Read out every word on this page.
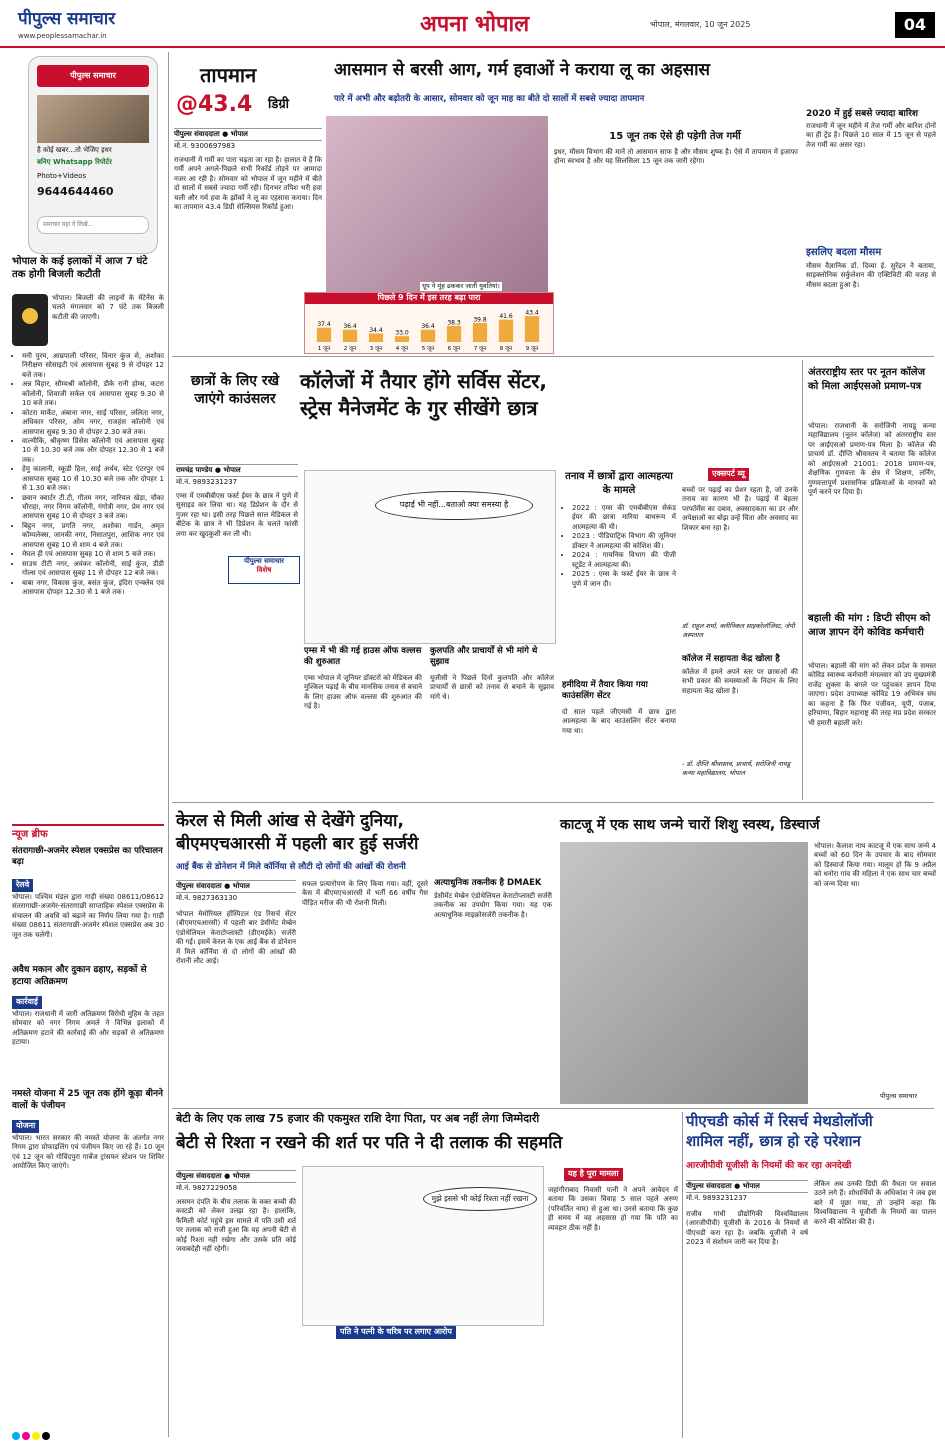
पीपुल्स समाचार
www.peoplessamachar.in	अपना भोपाल	भोपाल, मंगलवार, 10 जून 2025	04
पीपुल्स समाचार
है कोई खबर...तो भेजिए इधर
बनिए Whatsapp रिपोर्टर
Photo+Videos
9644644460
समाचार यहां दें लिखें...
भोपाल के कई इलाकों में आज 7 घंटे तक होगी बिजली कटौती
भोपाल। बिजली की लाइनों के मेंटेनेंस के चलते मंगलवार को 7 घंटे तक बिजली कटौती की जाएगी।
• मनी पुरम, आम्रपाली परिसर, विनार कुंज से, अशोका निरीक्षण सोसाइटी एवं आसपास सुबह 9 से दोपहर 12 बजे तक।
• अन्न विहार, सौम्यश्री कॉलोनी, डीके रानी होम्स, कटरा कॉलोनी, शिवाजी सर्कल एवं आसपास सुबह 9.30 से 10 बजे तक।
• कोटरा मार्केट, अंबाना नगर, साईं परिसर, ललिता नगर, अधिकार परिसर, ओम नगर, राजहंस कॉलोनी एवं आसपास सुबह 9.30 से दोपहर 2.30 बजे तक।
• वाल्मीकि, श्रीकृष्ण प्रिंसेस कॉलोनी एवं आसपास सुबह 10 से 10.30 बजे तक और दोपहर 12.30 से 1 बजे तक।
• हेमु कालानी, स्कूडी हिल, साईं अर्थव, स्टेट एंटरपुर एवं आसपास सुबह 10 से 10.30 बजे तक और दोपहर 1 से 1.30 बजे तक।
• छवान क्वार्टर टी.टी, गौतम नगर, नारियल खेड़ा, चौका चौराहा, नगर निगम कॉलोनी, गंगोत्री नगर, प्रेम नगर एवं आसपास सुबह 10 से दोपहर 3 बजे तक।
• बिट्ठन नगर, प्रगति नगर, अशोका गार्डन, अमृत कॉम्पलेक्स, जानकी नगर, निसातपुरा, आशिक नगर एवं आसपास सुबह 10 से शाम 4 बजे तक।
• मेघल ही एवं आसपास सुबह 10 से शाम 5 बजे तक।
• साउथ टीटी नगर, अवंकर कॉलोनी, साईं कुंज, डीडी गोल्स एवं आसपास सुबह 11 से दोपहर 12 बजे तक।
• बाबा नगर, विकास कुंज, बसंत कुंज, इंदिरा एन्क्लेव एवं आसपास दोपहर 12.30 से 1 बजे तक।
न्यूज ब्रीफ
संतरागाछी-अजमेर स्पेशल एक्सप्रेस का परिचालन बढ़ा
रेलवे
भोपाल। पश्चिम मंडल द्वारा गाड़ी संख्या 08611/08612 संतरागाछी-अजमेर-संतरागाछी साप्ताहिक स्पेशल एक्सप्रेस के संचालन की अवधि को बढ़ाने का निर्णय लिया गया है। गाड़ी संख्या 08611 संतरागाछी-अजमेर स्पेशल एक्सप्रेस अब 30 जून तक चलेगी।
अवैध मकान और दुकान ढहाए, सड़कों से हटाया अतिक्रमण
कार्रवाई
भोपाल। राजधानी में जारी अतिक्रमण विरोधी मुहिम के तहत सोमवार को नगर निगम अमले ने विभिन्न इलाकों में अतिक्रमण हटाने की कार्रवाई की और सड़कों से अतिक्रमण हटाया।
नमस्ते योजना में 25 जून तक होंगे कूड़ा बीनने वालों के पंजीयन
योजना
भोपाल। भारत सरकार की नमस्ते योजना के अंतर्गत नगर निगम द्वारा प्रोफाइलिंग एवं पंजीयन किए जा रहे हैं। 10 जून एवं 12 जून को गोविंदपुरा गार्बेज ट्रांसफर स्टेशन पर शिविर आयोजित किए जाएंगे।
तापमान
@43.4 डिग्री
आसमान से बरसी आग, गर्म हवाओं ने कराया लू का अहसास
पारे में अभी और बढ़ोतरी के आसार, सोमवार को जून माह का बीते दो सालों में सबसे ज्यादा तापमान
पीपुल्स संवाददाता ● भोपाल
मो.नं. 9300697983
राजधानी में गर्मी का पारा चढ़ता जा रहा है। हालात ये हैं कि गर्मी अपने अगले-पिछले सभी रिकॉर्ड तोड़ने पर आमादा नजर आ रही है। सोमवार को भोपाल में जून महीने में बीते दो सालों में सबसे ज्यादा गर्मी रही। दिनभर तपिश भरी हवा चली और गर्म हवा के झोंकों ने लू का एहसास कराया। दिन का तापमान 43.4 डिग्री सेल्सियस रिकॉर्ड हुआ।
धूप ने मुंह ढककर जातीं युवतियां।
15 जून तक ऐसे ही पड़ेगी तेज गर्मी
इधर, मौसम विभाग की मानें तो आसमान साफ है और मौसम शुष्क है। ऐसे में तापमान में इजाफा होना स्वभाव है और यह सिलसिला 15 जून तक जारी रहेगा।
पिछले 9 दिन में इस तरह बढ़ा पारा
37.4
1 जून
36.4
2 जून
34.4
3 जून
33.0
4 जून
36.4
5 जून
38.3
6 जून
39.8
7 जून
41.6
8 जून
43.4
9 जून
2020 में हुई सबसे ज्यादा बारिश
राजधानी में जून महीने में तेज गर्मी और बारिश दोनों का ही ट्रेंड है। पिछले 10 साल में 15 जून से पहले तेज गर्मी का असर रहा।
इसलिए बदला मौसम
मौसम वैज्ञानिक डॉ. दिव्या ई. सुरेंद्रन ने बताया, साइक्लोनिक सर्कुलेशन की एक्टिविटी की वजह से मौसम बदला हुआ है।
छात्रों के लिए रखे जाएंगे काउंसलर
कॉलेजों में तैयार होंगे सर्विस सेंटर,
स्ट्रेस मैनेजमेंट के गुर सीखेंगे छात्र
रामचंद्र पाण्डेय ● भोपाल
मो.नं. 9893231237
एम्स में एमबीबीएस फर्स्ट ईयर के छात्र ने पुणे में सुसाइड कर लिया था। यह डिप्रेशन के दौर से गुजर रहा था। इसी तरह पिछले साल मेडिकल से बीटेक के छात्र ने भी डिप्रेशन के चलते फांसी लगा कर खुदकुशी कर ली थी।
पीपुल्स समाचार
विशेष
पढ़ाई भी नहीं...बताओ क्या समस्या है
एम्स में भी की गई हाउस ऑफ वल्लस की शुरुआत
एम्स भोपाल में जूनियर डॉक्टरों को मेडिकल की मुश्किल पढ़ाई के बीच मानसिक तनाव से बचाने के लिए हाउस ऑफ वल्लस की शुरुआत की गई है।
कुलपति और प्राचार्यों से भी मांगे थे सुझाव
यूजीसी ने पिछले दिनों कुलपति और कॉलेज प्राचार्यों से छात्रों को तनाव से बचाने के सुझाव मांगे थे।
तनाव में छात्रों द्वारा आत्महत्या के मामले
• 2022 : एम्स की एमबीबीएस सेकंड ईयर की छात्रा मारिया बाथरूम में आत्महत्या की थी।
• 2023 : पीडियाट्रिक विभाग की जूनियर डॉक्टर ने आत्महत्या की कोशिश की।
• 2024 : गायनिक विभाग की पीजी स्टूडेंट ने आत्महत्या की।
• 2025 : एम्स के फर्स्ट ईयर के छात्र ने पुणे में जान दी।
हमीदिया में तैयार किया गया काउंसलिंग सेंटर
दो साल पहले जीएमसी में छात्र द्वारा आत्महत्या के बाद काउंसलिंग सेंटर बनाया गया था।
एक्सपर्ट व्यू
बच्चों पर पढ़ाई का प्रेशर रहता है, जो उनके तनाव का कारण भी है। पढ़ाई में बेहतर परफॉर्मेंस का दबाव, अवसादकता का डर और अपेक्षाओं का बोझ उन्हें चिंता और अवसाद का शिकार बना रहा है।
डॉ. राहुल शर्मा, क्लीनिकल साइकोलॉजिस्ट, जेपी अस्पताल
कॉलेज में सहायता केंद्र खोला है
कॉलेज में हमने अपने स्तर पर छात्राओं की सभी प्रकार की समस्याओं के निदान के लिए सहायता केंद्र खोला है।
- डॉ. दीप्ति श्रीवास्तव, प्राचार्य, सरोजिनी नायडू कन्या महाविद्यालय, भोपाल
अंतरराष्ट्रीय स्तर पर नूतन कॉलेज को मिला आईएसओ प्रमाण-पत्र
भोपाल। राजधानी के सरोजिनी नायडू कन्या महाविद्यालय (नूतन कॉलेज) को अंतरराष्ट्रीय स्तर पर आईएसओ प्रमाण-पत्र मिला है। कॉलेज की प्राचार्य डॉ. दीप्ति श्रीवास्तव ने बताया कि कॉलेज को आईएसओ 21001: 2018 प्रमाण-पत्र, शैक्षणिक गुणवत्ता के क्षेत्र में शिक्षण, लर्निंग, गुणवत्तापूर्ण प्रशासनिक प्रक्रियाओं के मानकों को पूर्ण करने पर दिया है।
बहाली की मांग : डिप्टी सीएम को आज ज्ञापन देंगे कोविड कर्मचारी
भोपाल। बहाली की मांग को लेकर प्रदेश के समस्त कोविड स्वास्थ्य कर्मचारी मंगलवार को उप मुख्यमंत्री राजेंद्र शुक्ला के बंगले पर पहुंचकर ज्ञापन दिया जाएगा। प्रदेश उपाध्यक्ष कोविड 19 अभियंत्र संघ का कहना है कि फिर पंजीयन, यूपी, पंजाब, हरियाणा, बिहार महाराष्ट्र की तरह मप्र प्रदेश सरकार भी हमारी बहाली करे।
केरल से मिली आंख से देखेंगे दुनिया,
बीएमएचआरसी में पहली बार हुई सर्जरी
आई बैंक से डोनेशन में मिले कॉर्निया से लौटी दो लोगों की आंखों की रोशनी
पीपुल्स संवाददाता ● भोपाल
मो.नं. 9827363130
भोपाल मेमोरियल हॉस्पिटल एंड रिसर्च सेंटर (बीएमएचआरसी) में पहली बार डेसीमेंट मेम्ब्रेन एंडोथेलियल केराटोप्लास्टी (डीएमईके) सर्जरी की गई। इसमें केरल के एक आई बैंक से डोनेशन में मिले कॉर्निया से दो लोगों की आंखों की रोशनी लौट आई।
सफल प्रत्यारोपण के लिए किया गया। वहीं, दूसरे केस में बीएमएचआरसी में भर्ती 66 वर्षीय गैस पीड़ित मरीज की भी रोशनी मिली।
अत्याधुनिक तकनीक है DMAEK
डेसीमेंट मेम्ब्रेन एंडोथेलियल केराटोप्लास्टी सर्जरी तकनीक का उपयोग किया गया। यह एक अत्याधुनिक माइक्रोसर्जरी तकनीक है।
काटजू में एक साथ जन्मे चारों शिशु स्वस्थ, डिस्चार्ज
भोपाल। कैलाश नाथ काटजू में एक साथ जन्मे 4 बच्चों को 60 दिन के उपचार के बाद सोमवार को डिस्चार्ज किया गया। मालूम हो कि 9 अप्रैल को धनोरा गांव की महिला ने एक साथ चार बच्चों को जन्म दिया था।
पीपुल्स समाचार
बेटी के लिए एक लाख 75 हजार की एकमुश्त राशि देगा पिता, पर अब नहीं लेगा जिम्मेदारी
बेटी से रिश्ता न रखने की शर्त पर पति ने दी तलाक की सहमति
पीपुल्स संवाददाता ● भोपाल
मो.नं. 9827229058
असमन दंपति के बीच तलाक के वक्त बच्ची की कस्टडी को लेकर उलझ रहा है। हालांकि, फैमिली कोर्ट पहुंचे इस मामले में पति उसी शर्त पर तलाक को राजी हुआ कि वह अपनी बेटी से कोई रिश्ता नहीं रखेगा और उसके प्रति कोई जवाबदेही नहीं रहेगी।
मुझे इससे भी कोई रिश्ता नहीं रखना
पति ने पत्नी के चरित्र पर लगाए आरोप
यह है पूरा मामला
जहांगीराबाद निवासी पत्नी ने अपने आवेदन में बताया कि उसका विवाह 5 साल पहले अरुण (परिवर्तित नाम) से हुआ था। उनसे बताया कि कुछ ही समय में वह अहसास हो गया कि पति का व्यवहार ठीक नहीं है।
पीएचडी कोर्स में रिसर्च मेथडोलॉजी
शामिल नहीं, छात्र हो रहे परेशान
आरजीपीवी यूजीसी के नियमों की कर रहा अनदेखी
पीपुल्स संवाददाता ● भोपाल
मो.नं. 9893231237
राजीव गांधी प्रौद्योगिकी विश्वविद्यालय (आरजीपीवी) यूजीसी के 2016 के नियमों से पीएचडी करा रहा है। जबकि यूजीसी ने वर्ष 2023 में संशोधन जारी कर दिया है।
लेकिन अब उनकी डिग्री की वैधता पर सवाल उठने लगे हैं। शोधार्थियों के अधिकांश ने जब इस बारे में पूछा गया, तो उन्होंने कहा कि विश्वविद्यालय ने यूजीसी के नियमों का पालन करने की कोशिश की है।
